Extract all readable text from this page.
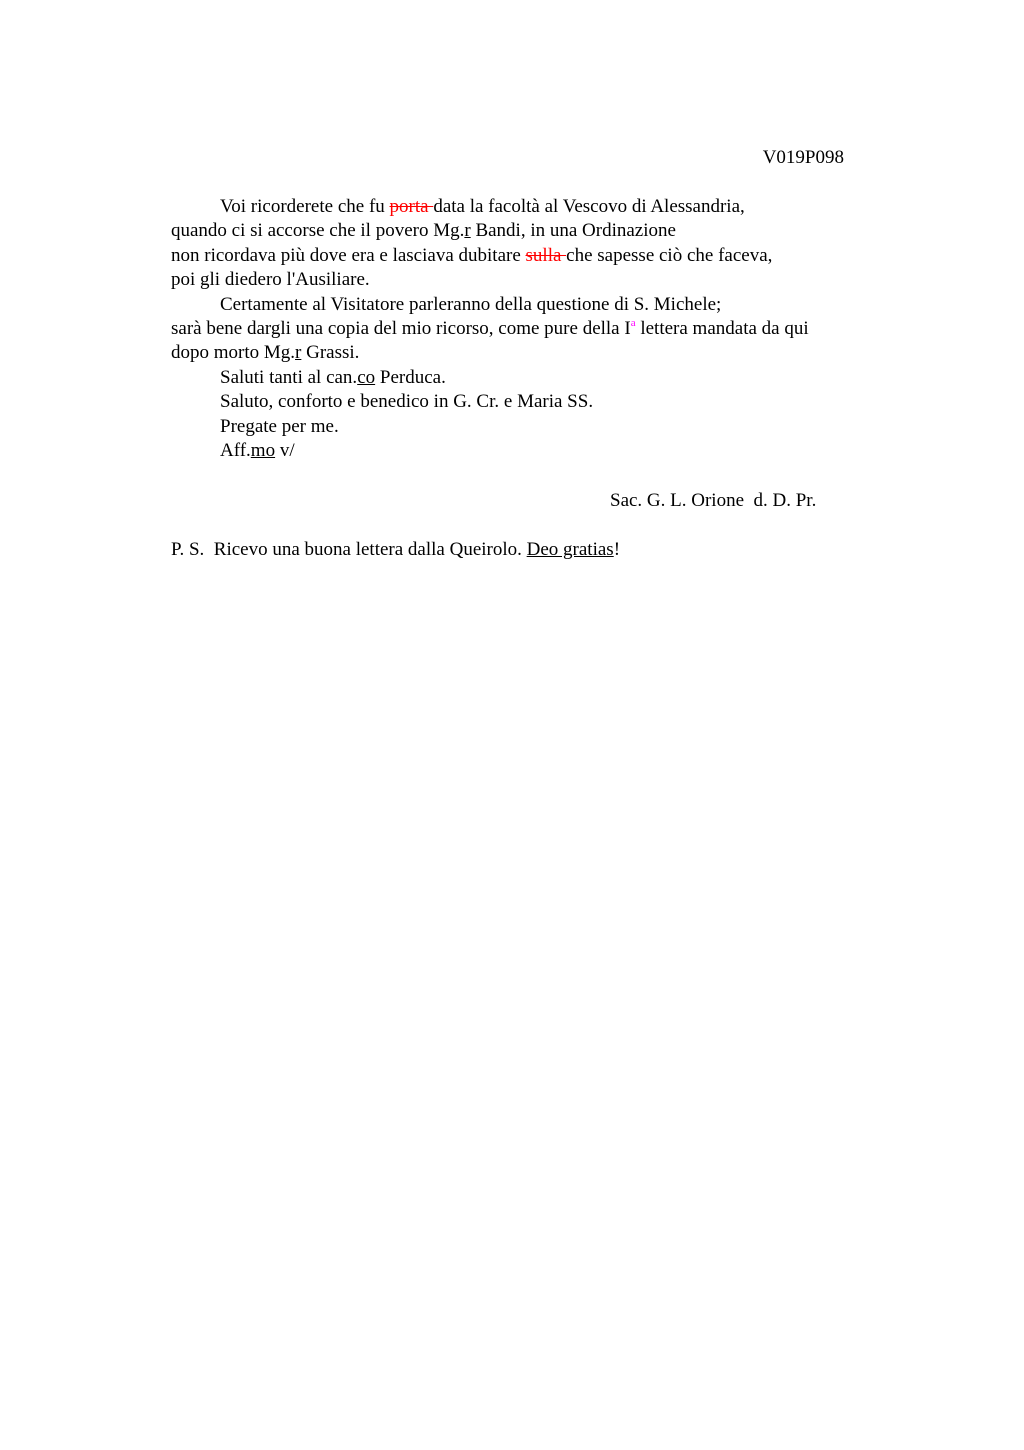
V019P098
Voi ricorderete che fu porta data la facoltà al Vescovo di Alessandria,
quando ci si accorse che il povero Mg.r Bandi, in una Ordinazione
non ricordava più dove era e lasciava dubitare sulla che sapesse ciò che faceva,
poi gli diedero l'Ausiliare.
Certamente al Visitatore parleranno della questione di S. Michele;
sarà bene dargli una copia del mio ricorso, come pure della $I^a$ lettera mandata da qui
dopo morto Mg.r Grassi.
Saluti tanti al can.co Perduca.
Saluto, conforto e benedico in G. Cr. e Maria SS.
Pregate per me.
Aff.mo v/
Sac. G. L. Orione  d. D. Pr.
P. S.  Ricevo una buona lettera dalla Queirolo. Deo gratias!
